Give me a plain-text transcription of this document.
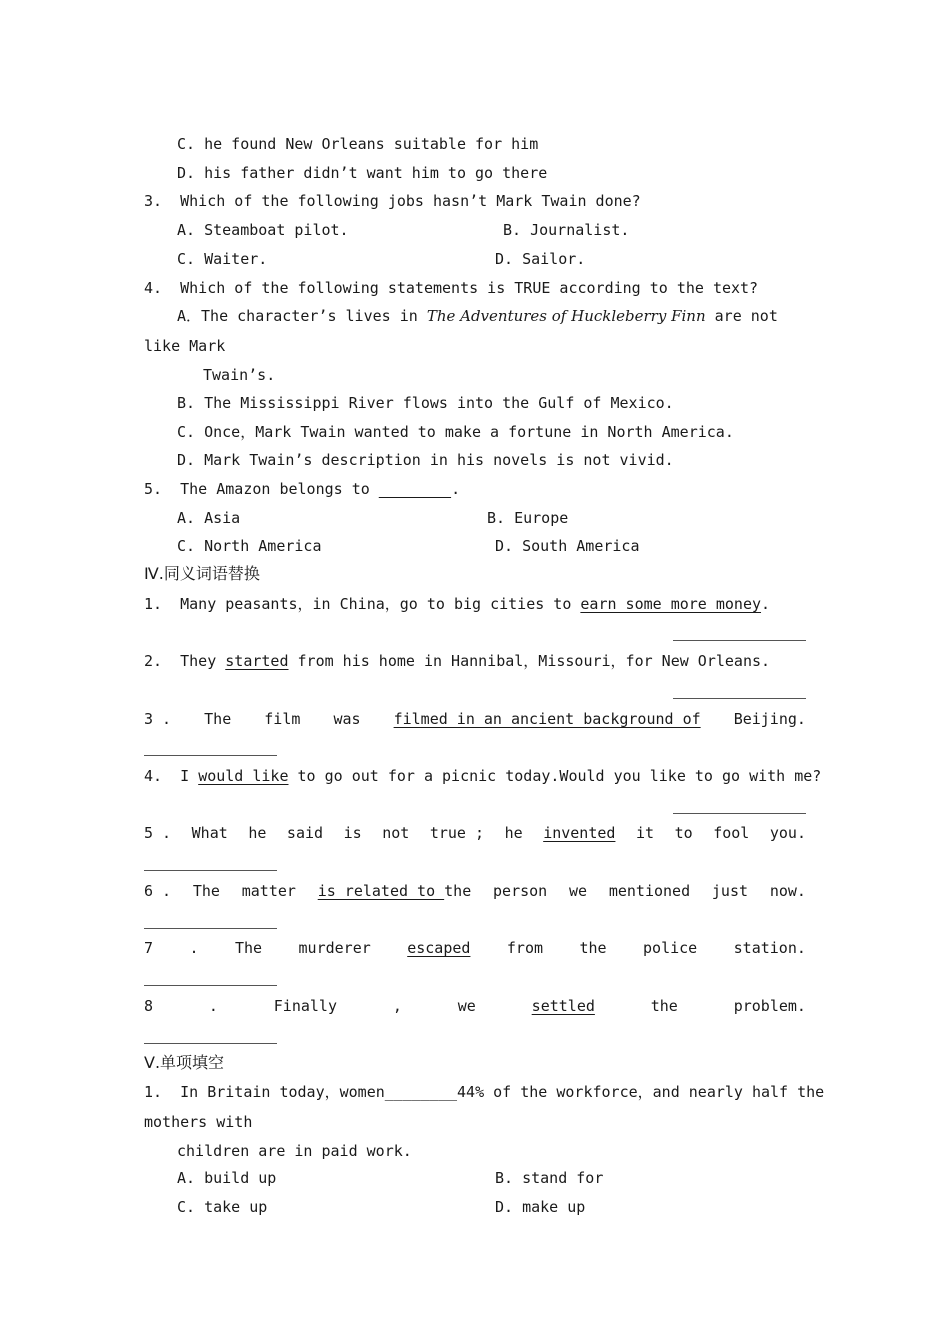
C. he found New Orleans suitable for him
D. his father didn’t want him to go there
3.  Which of the following jobs hasn’t Mark Twain done?
A. Steamboat pilot.	B. Journalist.
C. Waiter.	D. Sailor.
4.  Which of the following statements is TRUE according to the text?
A．The character’s lives in The Adventures of Huckleberry Finn are not
like Mark
Twain’s.
B. The Mississippi River flows into the Gulf of Mexico.
C. Once，Mark Twain wanted to make a fortune in North America.
D. Mark Twain’s description in his novels is not vivid.
5.  The Amazon belongs to ________.
A. Asia	B. Europe
C. North America	D. South America
Ⅳ.同义词语替换
1.  Many peasants，in China，go to big cities to earn some more money.
2.  They started from his home in Hannibal，Missouri，for New Orleans.
3 . The film was filmed in an ancient background of Beijing.
4.  I would like to go out for a picnic today.Would you like to go with me?
5 . What he said is not true ; he invented it to fool you.
6 . The matter is related to the person we mentioned just now.
7 . The murderer escaped from the police station.
8	.	Finally	,	we	settled	the	problem.
Ⅴ.单项填空
1.  In Britain today，women________44% of the workforce，and nearly half the
mothers with
children are in paid work.
A. build up	B. stand for
C. take up	D. make up
